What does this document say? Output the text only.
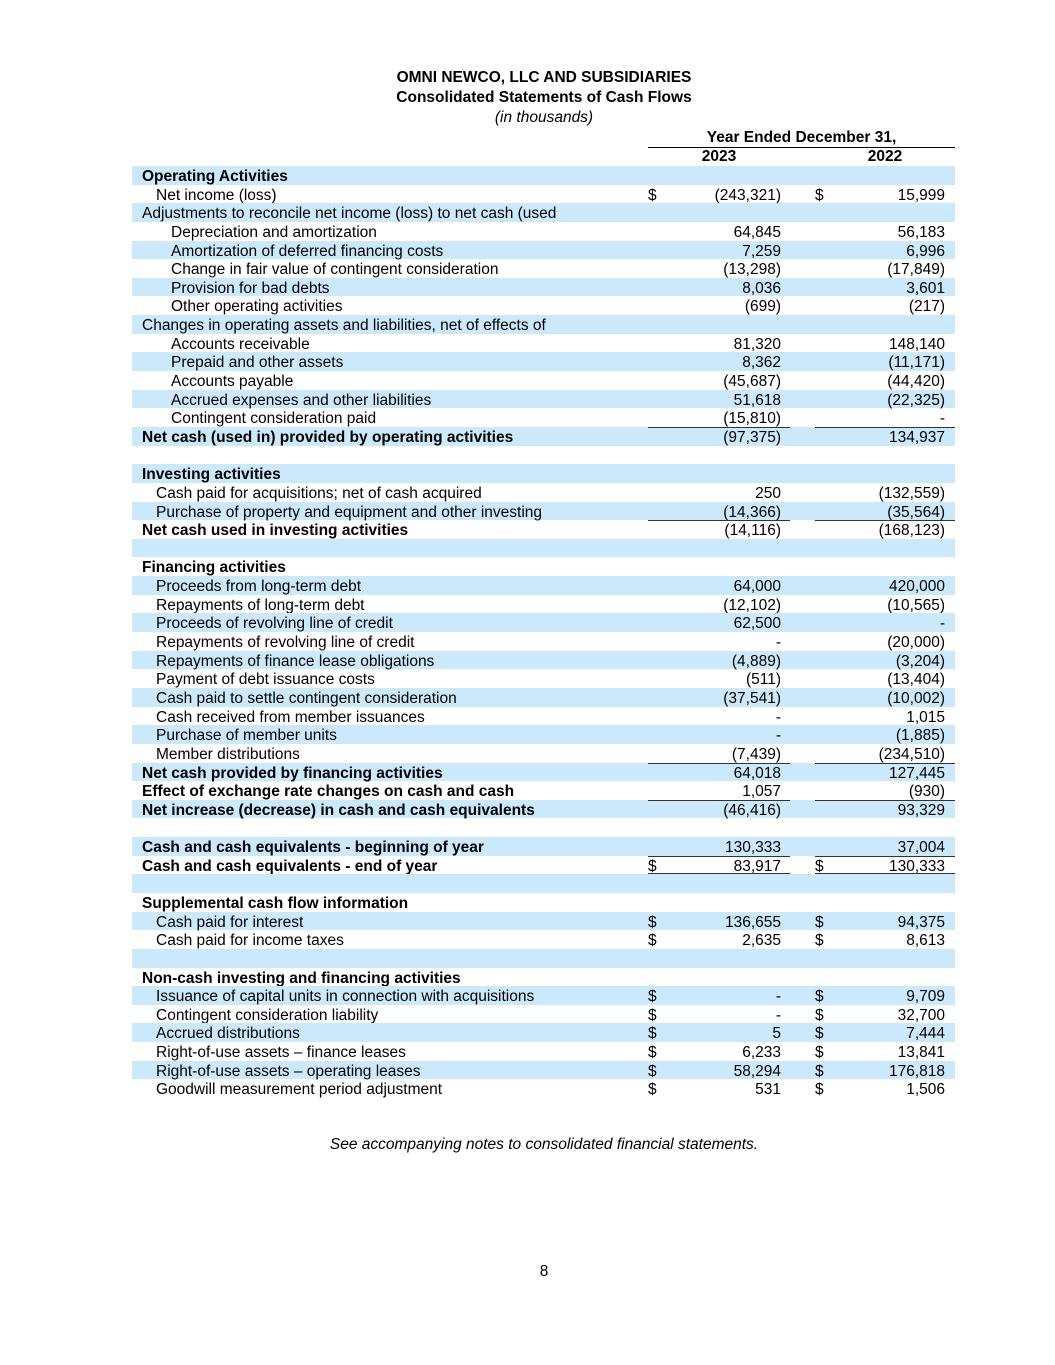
OMNI NEWCO, LLC AND SUBSIDIARIES
Consolidated Statements of Cash Flows
(in thousands)
Year Ended December 31,
2023	2022
Operating Activities
Net income (loss)	$	(243,321) $	15,999
Adjustments to reconcile net income (loss) to net cash (used
Depreciation and amortization	64,845	56,183
Amortization of deferred financing costs	7,259	6,996
Change in fair value of contingent consideration	(13,298)	(17,849)
Provision for bad debts	8,036	3,601
Other operating activities	(699)	(217)
Changes in operating assets and liabilities, net of effects of
Accounts receivable	81,320	148,140
Prepaid and other assets	8,362	(11,171)
Accounts payable	(45,687)	(44,420)
Accrued expenses and other liabilities	51,618	(22,325)
Contingent consideration paid	(15,810)	-
Net cash (used in) provided by operating activities	(97,375)	134,937
Investing activities
Cash paid for acquisitions; net of cash acquired	250	(132,559)
Purchase of property and equipment and other investing	(14,366)	(35,564)
Net cash used in investing activities	(14,116)	(168,123)
Financing activities
Proceeds from long-term debt	64,000	420,000
Repayments of long-term debt	(12,102)	(10,565)
Proceeds of revolving line of credit	62,500	-
Repayments of revolving line of credit	-	(20,000)
Repayments of finance lease obligations	(4,889)	(3,204)
Payment of debt issuance costs	(511)	(13,404)
Cash paid to settle contingent consideration	(37,541)	(10,002)
Cash received from member issuances	-	1,015
Purchase of member units	-	(1,885)
Member distributions	(7,439)	(234,510)
Net cash provided by financing activities	64,018	127,445
Effect of exchange rate changes on cash and cash	1,057	(930)
Net increase (decrease) in cash and cash equivalents	(46,416)	93,329
Cash and cash equivalents - beginning of year	130,333	37,004
Cash and cash equivalents - end of year	$	83,917 $	130,333
Supplemental cash flow information
Cash paid for interest	$	136,655 $	94,375
Cash paid for income taxes	$	2,635 $	8,613
Non-cash investing and financing activities
Issuance of capital units in connection with acquisitions	$	- $	9,709
Contingent consideration liability	$	- $	32,700
Accrued distributions	$	5 $	7,444
Right-of-use assets – finance leases	$	6,233 $	13,841
Right-of-use assets – operating leases	$	58,294 $	176,818
Goodwill measurement period adjustment	$	531 $	1,506
See accompanying notes to consolidated financial statements.
8
